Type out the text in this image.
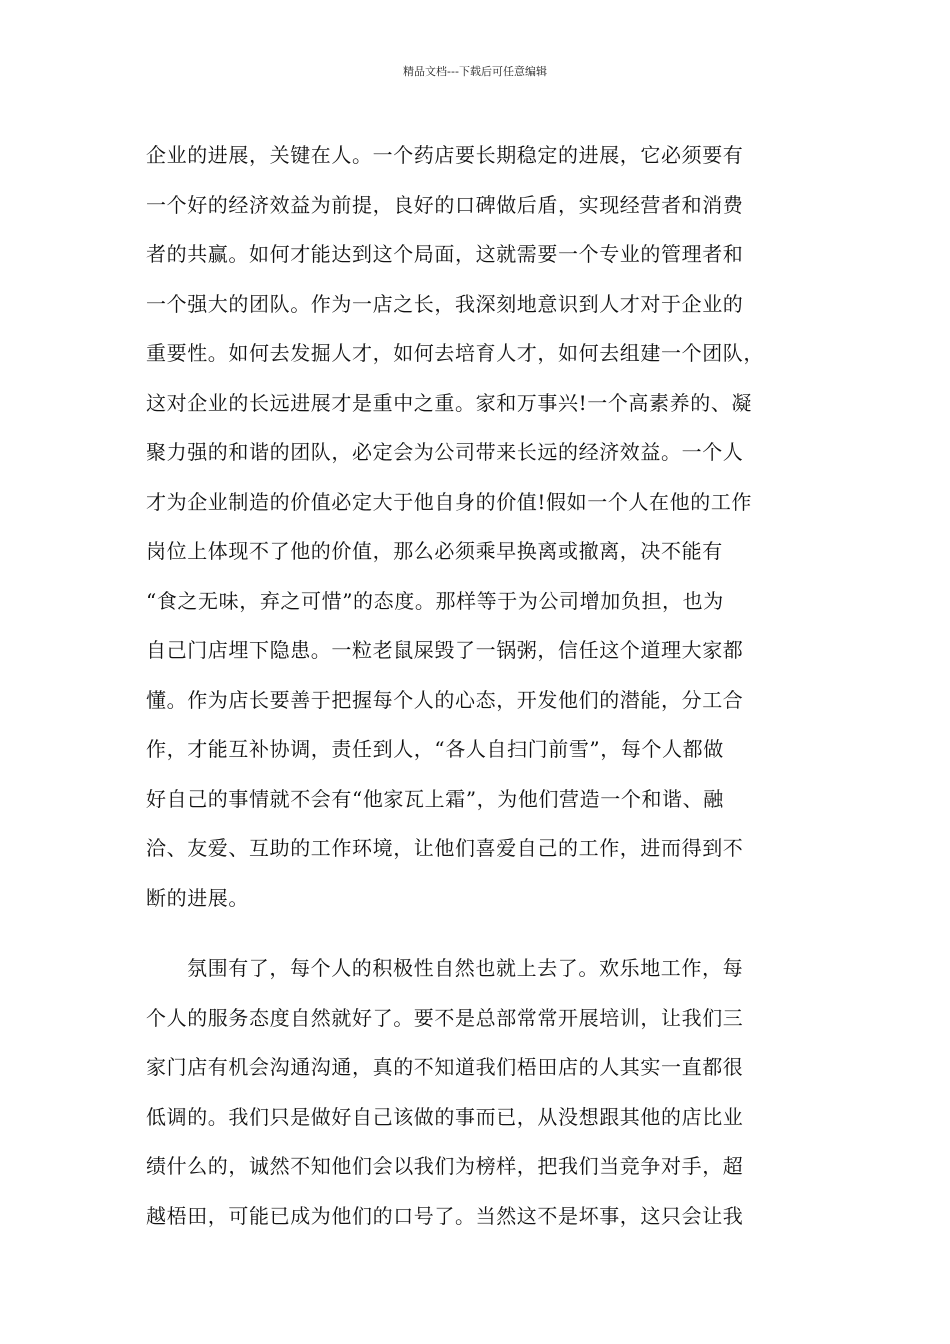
精品文档---下载后可任意编辑
企业的进展，关键在人。一个药店要长期稳定的进展，它必须要有
一个好的经济效益为前提，良好的口碑做后盾，实现经营者和消费
者的共赢。如何才能达到这个局面，这就需要一个专业的管理者和
一个强大的团队。作为一店之长，我深刻地意识到人才对于企业的
重要性。如何去发掘人才，如何去培育人才，如何去组建一个团队，
这对企业的长远进展才是重中之重。家和万事兴!一个高素养的、凝
聚力强的和谐的团队，必定会为公司带来长远的经济效益。一个人
才为企业制造的价值必定大于他自身的价值!假如一个人在他的工作
岗位上体现不了他的价值，那么必须乘早换离或撤离，决不能有
“食之无味，弃之可惜”的态度。那样等于为公司增加负担，也为
自己门店埋下隐患。一粒老鼠屎毁了一锅粥，信任这个道理大家都
懂。作为店长要善于把握每个人的心态，开发他们的潜能，分工合
作，才能互补协调，责任到人，“各人自扫门前雪”，每个人都做
好自己的事情就不会有“他家瓦上霜”，为他们营造一个和谐、融
洽、友爱、互助的工作环境，让他们喜爱自己的工作，进而得到不
断的进展。
氛围有了，每个人的积极性自然也就上去了。欢乐地工作，每
个人的服务态度自然就好了。要不是总部常常开展培训，让我们三
家门店有机会沟通沟通，真的不知道我们梧田店的人其实一直都很
低调的。我们只是做好自己该做的事而已，从没想跟其他的店比业
绩什么的，诚然不知他们会以我们为榜样，把我们当竞争对手，超
越梧田，可能已成为他们的口号了。当然这不是坏事，这只会让我
